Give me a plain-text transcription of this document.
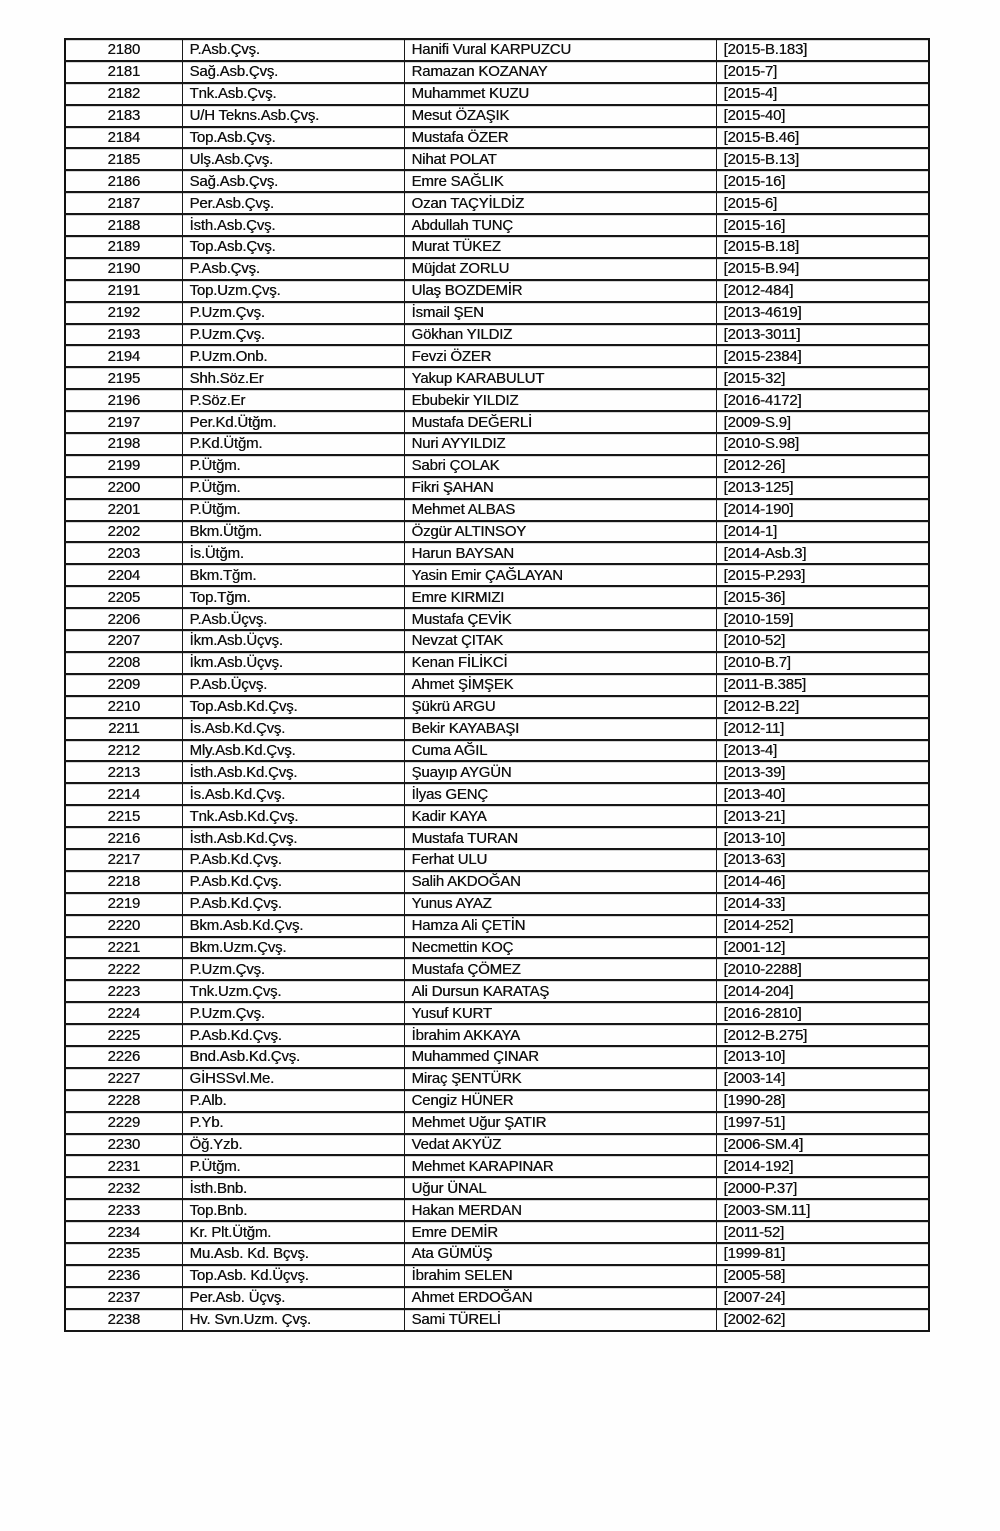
2180	P.Asb.Çvş.	Hanifi Vural KARPUZCU	[2015-B.183]
2181	Sağ.Asb.Çvş.	Ramazan KOZANAY	[2015-7]
2182	Tnk.Asb.Çvş.	Muhammet KUZU	[2015-4]
2183	U/H Tekns.Asb.Çvş.	Mesut ÖZAŞIK	[2015-40]
2184	Top.Asb.Çvş.	Mustafa ÖZER	[2015-B.46]
2185	Ulş.Asb.Çvş.	Nihat POLAT	[2015-B.13]
2186	Sağ.Asb.Çvş.	Emre SAĞLIK	[2015-16]
2187	Per.Asb.Çvş.	Ozan TAÇYİLDİZ	[2015-6]
2188	İsth.Asb.Çvş.	Abdullah TUNÇ	[2015-16]
2189	Top.Asb.Çvş.	Murat TÜKEZ	[2015-B.18]
2190	P.Asb.Çvş.	Müjdat ZORLU	[2015-B.94]
2191	Top.Uzm.Çvş.	Ulaş BOZDEMİR	[2012-484]
2192	P.Uzm.Çvş.	İsmail ŞEN	[2013-4619]
2193	P.Uzm.Çvş.	Gökhan YILDIZ	[2013-3011]
2194	P.Uzm.Onb.	Fevzi ÖZER	[2015-2384]
2195	Shh.Söz.Er	Yakup KARABULUT	[2015-32]
2196	P.Söz.Er	Ebubekir YILDIZ	[2016-4172]
2197	Per.Kd.Ütğm.	Mustafa DEĞERLİ	[2009-S.9]
2198	P.Kd.Ütğm.	Nuri AYYILDIZ	[2010-S.98]
2199	P.Ütğm.	Sabri ÇOLAK	[2012-26]
2200	P.Ütğm.	Fikri ŞAHAN	[2013-125]
2201	P.Ütğm.	Mehmet ALBAS	[2014-190]
2202	Bkm.Ütğm.	Özgür ALTINSOY	[2014-1]
2203	İs.Ütğm.	Harun BAYSAN	[2014-Asb.3]
2204	Bkm.Tğm.	Yasin Emir ÇAĞLAYAN	[2015-P.293]
2205	Top.Tğm.	Emre KIRMIZI	[2015-36]
2206	P.Asb.Üçvş.	Mustafa ÇEVİK	[2010-159]
2207	İkm.Asb.Üçvş.	Nevzat ÇITAK	[2010-52]
2208	İkm.Asb.Üçvş.	Kenan FİLİKCİ	[2010-B.7]
2209	P.Asb.Üçvş.	Ahmet ŞİMŞEK	[2011-B.385]
2210	Top.Asb.Kd.Çvş.	Şükrü ARGU	[2012-B.22]
2211	İs.Asb.Kd.Çvş.	Bekir KAYABAŞI	[2012-11]
2212	Mly.Asb.Kd.Çvş.	Cuma AĞIL	[2013-4]
2213	İsth.Asb.Kd.Çvş.	Şuayıp AYGÜN	[2013-39]
2214	İs.Asb.Kd.Çvş.	İlyas GENÇ	[2013-40]
2215	Tnk.Asb.Kd.Çvş.	Kadir KAYA	[2013-21]
2216	İsth.Asb.Kd.Çvş.	Mustafa TURAN	[2013-10]
2217	P.Asb.Kd.Çvş.	Ferhat ULU	[2013-63]
2218	P.Asb.Kd.Çvş.	Salih AKDOĞAN	[2014-46]
2219	P.Asb.Kd.Çvş.	Yunus AYAZ	[2014-33]
2220	Bkm.Asb.Kd.Çvş.	Hamza Ali ÇETİN	[2014-252]
2221	Bkm.Uzm.Çvş.	Necmettin KOÇ	[2001-12]
2222	P.Uzm.Çvş.	Mustafa ÇÖMEZ	[2010-2288]
2223	Tnk.Uzm.Çvş.	Ali Dursun KARATAŞ	[2014-204]
2224	P.Uzm.Çvş.	Yusuf KURT	[2016-2810]
2225	P.Asb.Kd.Çvş.	İbrahim AKKAYA	[2012-B.275]
2226	Bnd.Asb.Kd.Çvş.	Muhammed ÇINAR	[2013-10]
2227	GİHSSvl.Me.	Miraç ŞENTÜRK	[2003-14]
2228	P.Alb.	Cengiz HÜNER	[1990-28]
2229	P.Yb.	Mehmet Uğur ŞATIR	[1997-51]
2230	Öğ.Yzb.	Vedat AKYÜZ	[2006-SM.4]
2231	P.Ütğm.	Mehmet KARAPINAR	[2014-192]
2232	İsth.Bnb.	Uğur ÜNAL	[2000-P.37]
2233	Top.Bnb.	Hakan MERDAN	[2003-SM.11]
2234	Kr. Plt.Ütğm.	Emre DEMİR	[2011-52]
2235	Mu.Asb. Kd. Bçvş.	Ata GÜMÜŞ	[1999-81]
2236	Top.Asb. Kd.Üçvş.	İbrahim SELEN	[2005-58]
2237	Per.Asb. Üçvş.	Ahmet ERDOĞAN	[2007-24]
2238	Hv. Svn.Uzm. Çvş.	Sami TÜRELİ	[2002-62]
